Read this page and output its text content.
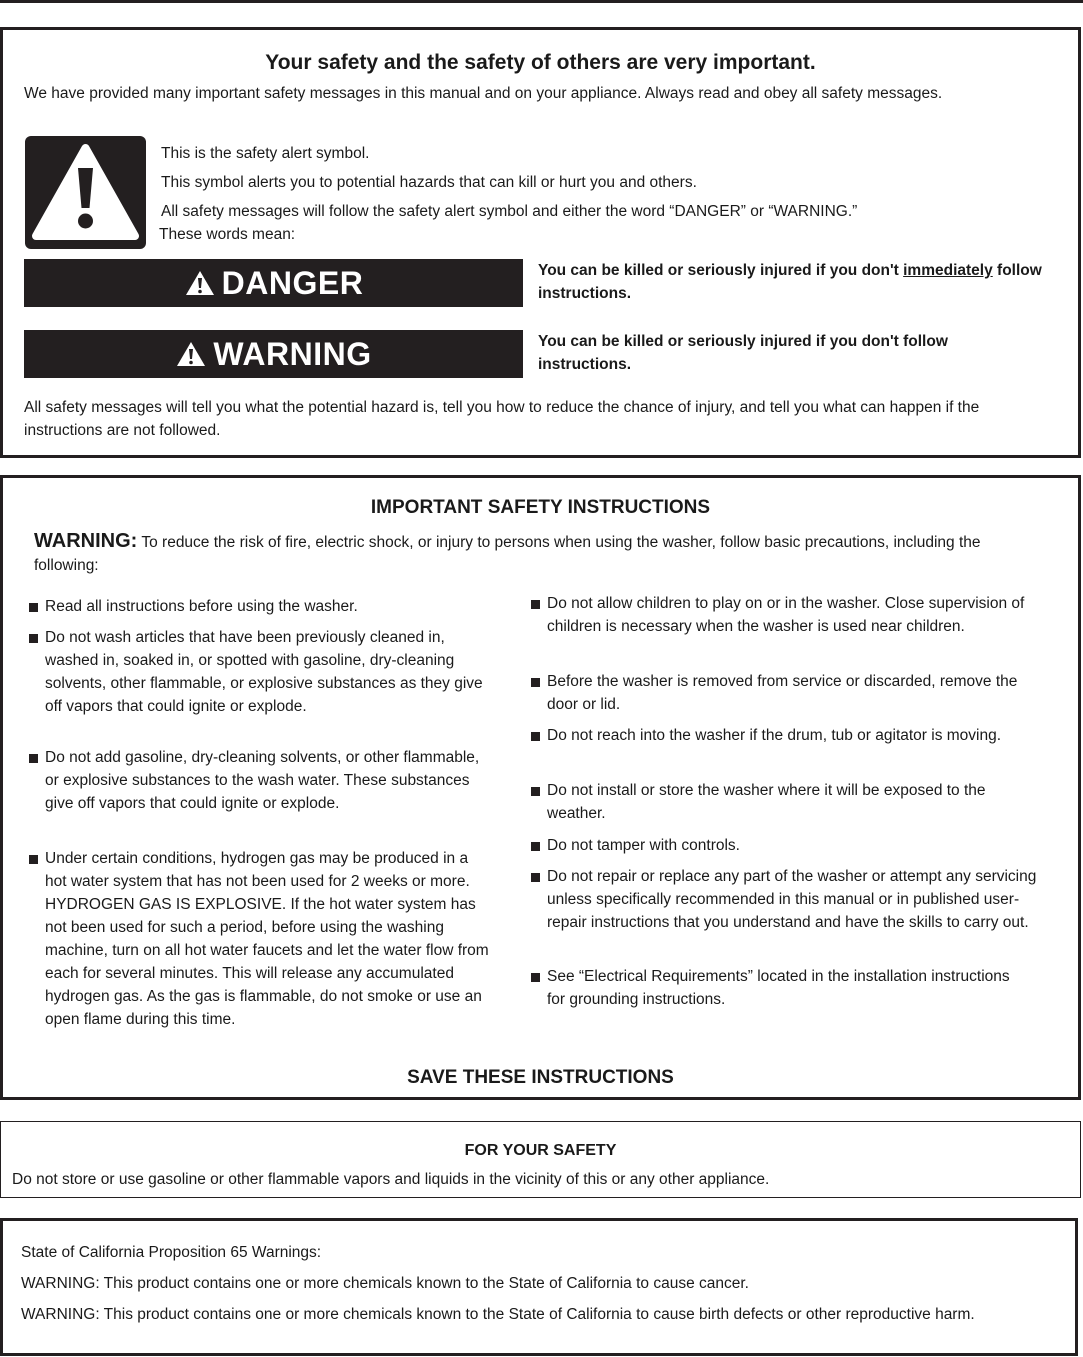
Your safety and the safety of others are very important.
We have provided many important safety messages in this manual and on your appliance. Always read and obey all safety messages.
This is the safety alert symbol.
This symbol alerts you to potential hazards that can kill or hurt you and others.
All safety messages will follow the safety alert symbol and either the word “DANGER” or “WARNING.”
These words mean:
DANGER	You can be killed or seriously injured if you don't immediately follow instructions.
WARNING	You can be killed or seriously injured if you don't follow instructions.
All safety messages will tell you what the potential hazard is, tell you how to reduce the chance of injury, and tell you what can happen if the instructions are not followed.
IMPORTANT SAFETY INSTRUCTIONS
WARNING: To reduce the risk of fire, electric shock, or injury to persons when using the washer, follow basic precautions, including the following:
Read all instructions before using the washer.
Do not wash articles that have been previously cleaned in, washed in, soaked in, or spotted with gasoline, dry-cleaning solvents, other flammable, or explosive substances as they give off vapors that could ignite or explode.
Do not add gasoline, dry-cleaning solvents, or other flammable, or explosive substances to the wash water. These substances give off vapors that could ignite or explode.
Under certain conditions, hydrogen gas may be produced in a hot water system that has not been used for 2 weeks or more. HYDROGEN GAS IS EXPLOSIVE. If the hot water system has not been used for such a period, before using the washing machine, turn on all hot water faucets and let the water flow from each for several minutes. This will release any accumulated hydrogen gas. As the gas is flammable, do not smoke or use an open flame during this time.
Do not allow children to play on or in the washer. Close supervision of children is necessary when the washer is used near children.
Before the washer is removed from service or discarded, remove the door or lid.
Do not reach into the washer if the drum, tub or agitator is moving.
Do not install or store the washer where it will be exposed to the weather.
Do not tamper with controls.
Do not repair or replace any part of the washer or attempt any servicing unless specifically recommended in this manual or in published user-repair instructions that you understand and have the skills to carry out.
See “Electrical Requirements” located in the installation instructions for grounding instructions.
SAVE THESE INSTRUCTIONS
FOR YOUR SAFETY
Do not store or use gasoline or other flammable vapors and liquids in the vicinity of this or any other appliance.
State of California Proposition 65 Warnings:
WARNING: This product contains one or more chemicals known to the State of California to cause cancer.
WARNING: This product contains one or more chemicals known to the State of California to cause birth defects or other reproductive harm.
